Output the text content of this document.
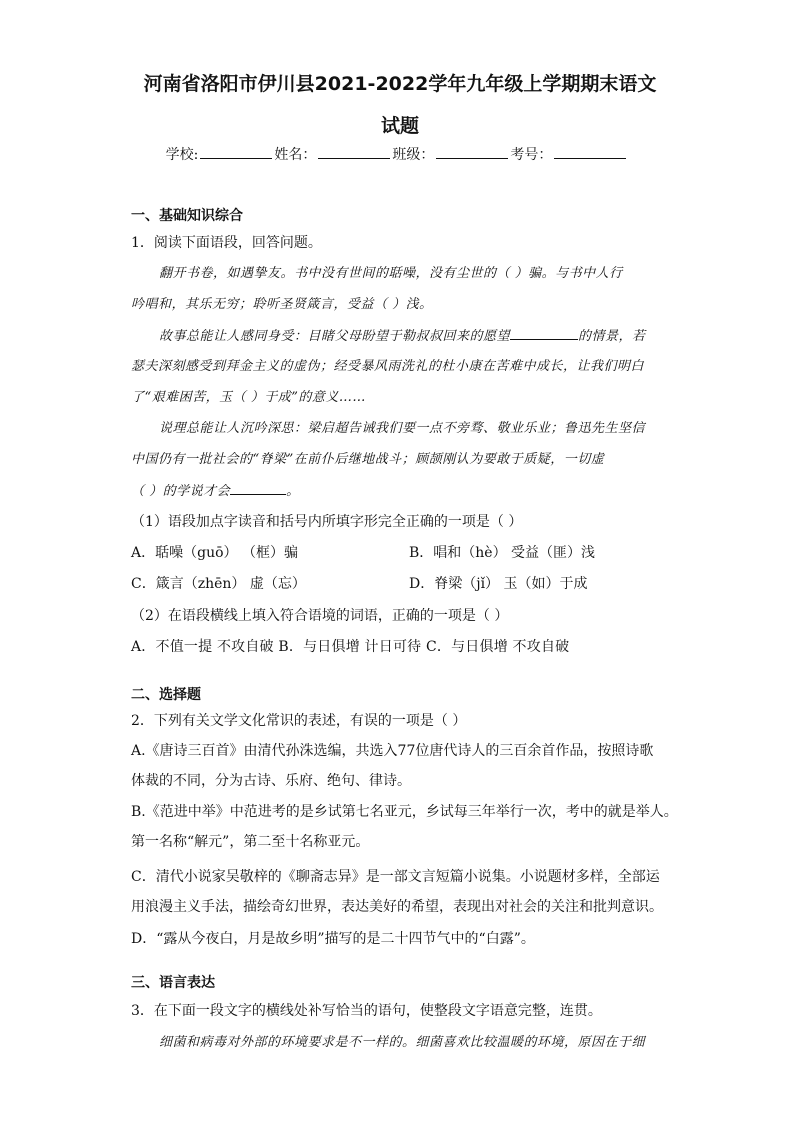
河南省洛阳市伊川县2021-2022学年九年级上学期期末语文
试题
学校:	姓名：	班级：	考号：
一、基础知识综合
1．阅读下面语段，回答问题。
翻开书卷，如遇挚友。书中没有世间的聒噪，没有尘世的（ ）骗。与书中人行
吟唱和，其乐无穷；聆听圣贤箴言，受益（ ）浅。
故事总能让人感同身受：目睹父母盼望于勒叔叔回来的愿望	的情景，若
瑟夫深刻感受到拜金主义的虚伪；经受暴风雨洗礼的杜小康在苦难中成长，让我们明白
了“艰难困苦，玉（ ）于成”的意义……
说理总能让人沉吟深思：梁启超告诫我们要一点不旁骛、敬业乐业；鲁迅先生坚信
中国仍有一批社会的“脊梁”在前仆后继地战斗；顾颉刚认为要敢于质疑，一切虚
（ ）的学说才会	。
（1）语段加点字读音和括号内所填字形完全正确的一项是（ ）
A．聒噪（guō） （框）骗	B．唱和（hè） 受益（匪）浅
C．箴言（zhēn） 虚（忘）	D．脊梁（jǐ） 玉（如）于成
（2）在语段横线上填入符合语境的词语，正确的一项是（ ）
A．不值一提 不攻自破 B．与日俱增 计日可待 C．与日俱增 不攻自破
二、选择题
2．下列有关文学文化常识的表述，有误的一项是（ ）
A.《唐诗三百首》由清代孙洙选编，共选入77位唐代诗人的三百余首作品，按照诗歌
体裁的不同，分为古诗、乐府、绝句、律诗。
B.《范进中举》中范进考的是乡试第七名亚元，乡试每三年举行一次，考中的就是举人。
第一名称“解元”，第二至十名称亚元。
C．清代小说家吴敬梓的《聊斋志异》是一部文言短篇小说集。小说题材多样，全部运
用浪漫主义手法，描绘奇幻世界，表达美好的希望，表现出对社会的关注和批判意识。
D．“露从今夜白，月是故乡明”描写的是二十四节气中的“白露”。
三、语言表达
3．在下面一段文字的横线处补写恰当的语句，使整段文字语意完整，连贯。
细菌和病毒对外部的环境要求是不一样的。细菌喜欢比较温暖的环境，原因在于细
